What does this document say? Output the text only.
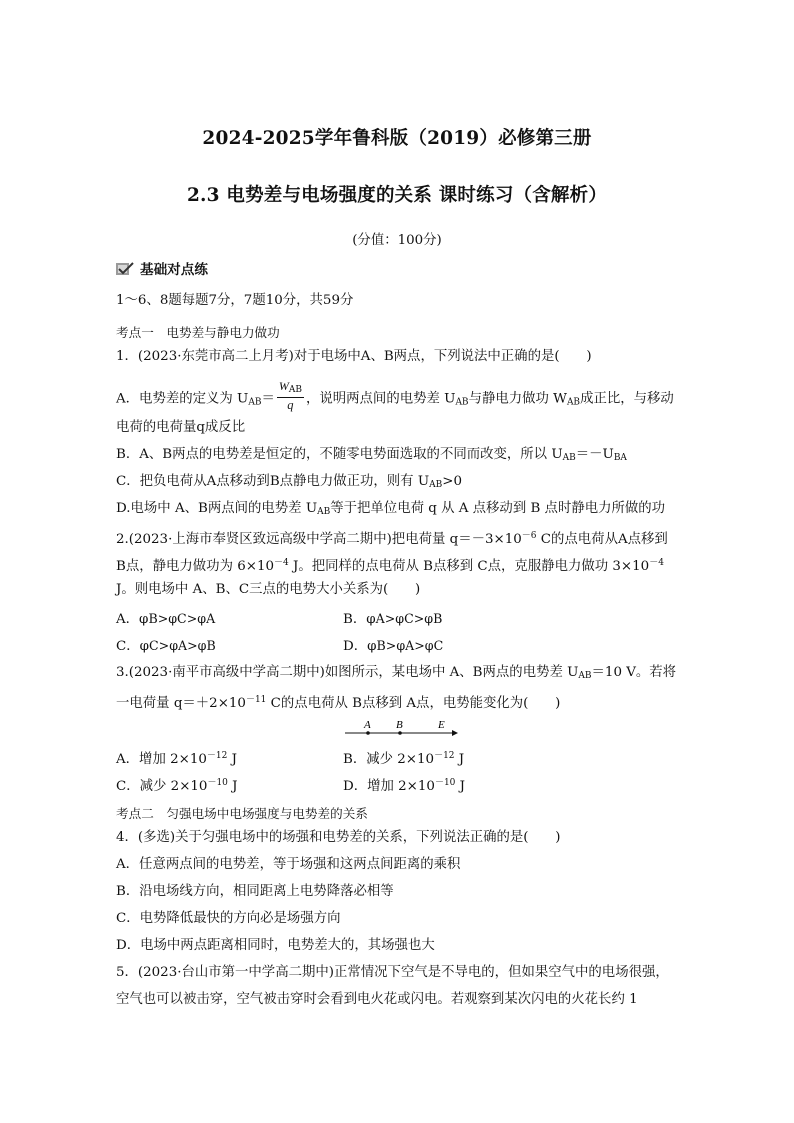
2024-2025学年鲁科版（2019）必修第三册
2.3 电势差与电场强度的关系 课时练习（含解析）
(分值：100分)
基础对点练
1～6、8题每题7分，7题10分，共59分
考点一　电势差与静电力做功
1．(2023·东莞市高二上月考)对于电场中A、B两点，下列说法中正确的是(　　)
A．电势差的定义为 $U_{AB}= \frac{W_{AB}}{q}$ ，说明两点间的电势差 $U_{AB}$与静电力做功 $W_{AB}$成正比，与移动
电荷的电荷量q成反比
B．A、B两点的电势差是恒定的，不随零电势面选取的不同而改变，所以 $U_{AB}=-U_{BA}$
C．把负电荷从A点移动到B点静电力做正功，则有 $U_{AB}>0$
D.电场中 A、B两点间的电势差 $U_{AB}$等于把单位电荷 q 从 A 点移动到 B 点时静电力所做的功
2.(2023·上海市奉贤区致远高级中学高二期中)把电荷量 $q=-3\times 10^{-6}$ C的点电荷从A点移到
B点，静电力做功为 $6\times 10^{-4}$ J。把同样的点电荷从 B点移到 C点，克服静电力做功 $3\times 10^{-4}$
J。则电场中 A、B、C三点的电势大小关系为(　　)
A．φB>φC>φA	B．φA>φC>φB
C．φC>φA>φB	D．φB>φA>φC
3.(2023·南平市高级中学高二期中)如图所示，某电场中 A、B两点的电势差 $U_{AB}=10$ V。若将
一电荷量 $q=+2\times 10^{-11}$ C的点电荷从 B点移到 A点，电势能变化为(　　)
A B	E
A．增加 $2\times 10^{-12}$ J	B．减少 $2\times 10^{-12}$ J
C．减少 $2\times 10^{-10}$ J	D．增加 $2\times 10^{-10}$ J
考点二　匀强电场中电场强度与电势差的关系
4．(多选)关于匀强电场中的场强和电势差的关系，下列说法正确的是(　　)
A．任意两点间的电势差，等于场强和这两点间距离的乘积
B．沿电场线方向，相同距离上电势降落必相等
C．电势降低最快的方向必是场强方向
D．电场中两点距离相同时，电势差大的，其场强也大
5．(2023·台山市第一中学高二期中)正常情况下空气是不导电的，但如果空气中的电场很强，
空气也可以被击穿，空气被击穿时会看到电火花或闪电。若观察到某次闪电的火花长约 1
